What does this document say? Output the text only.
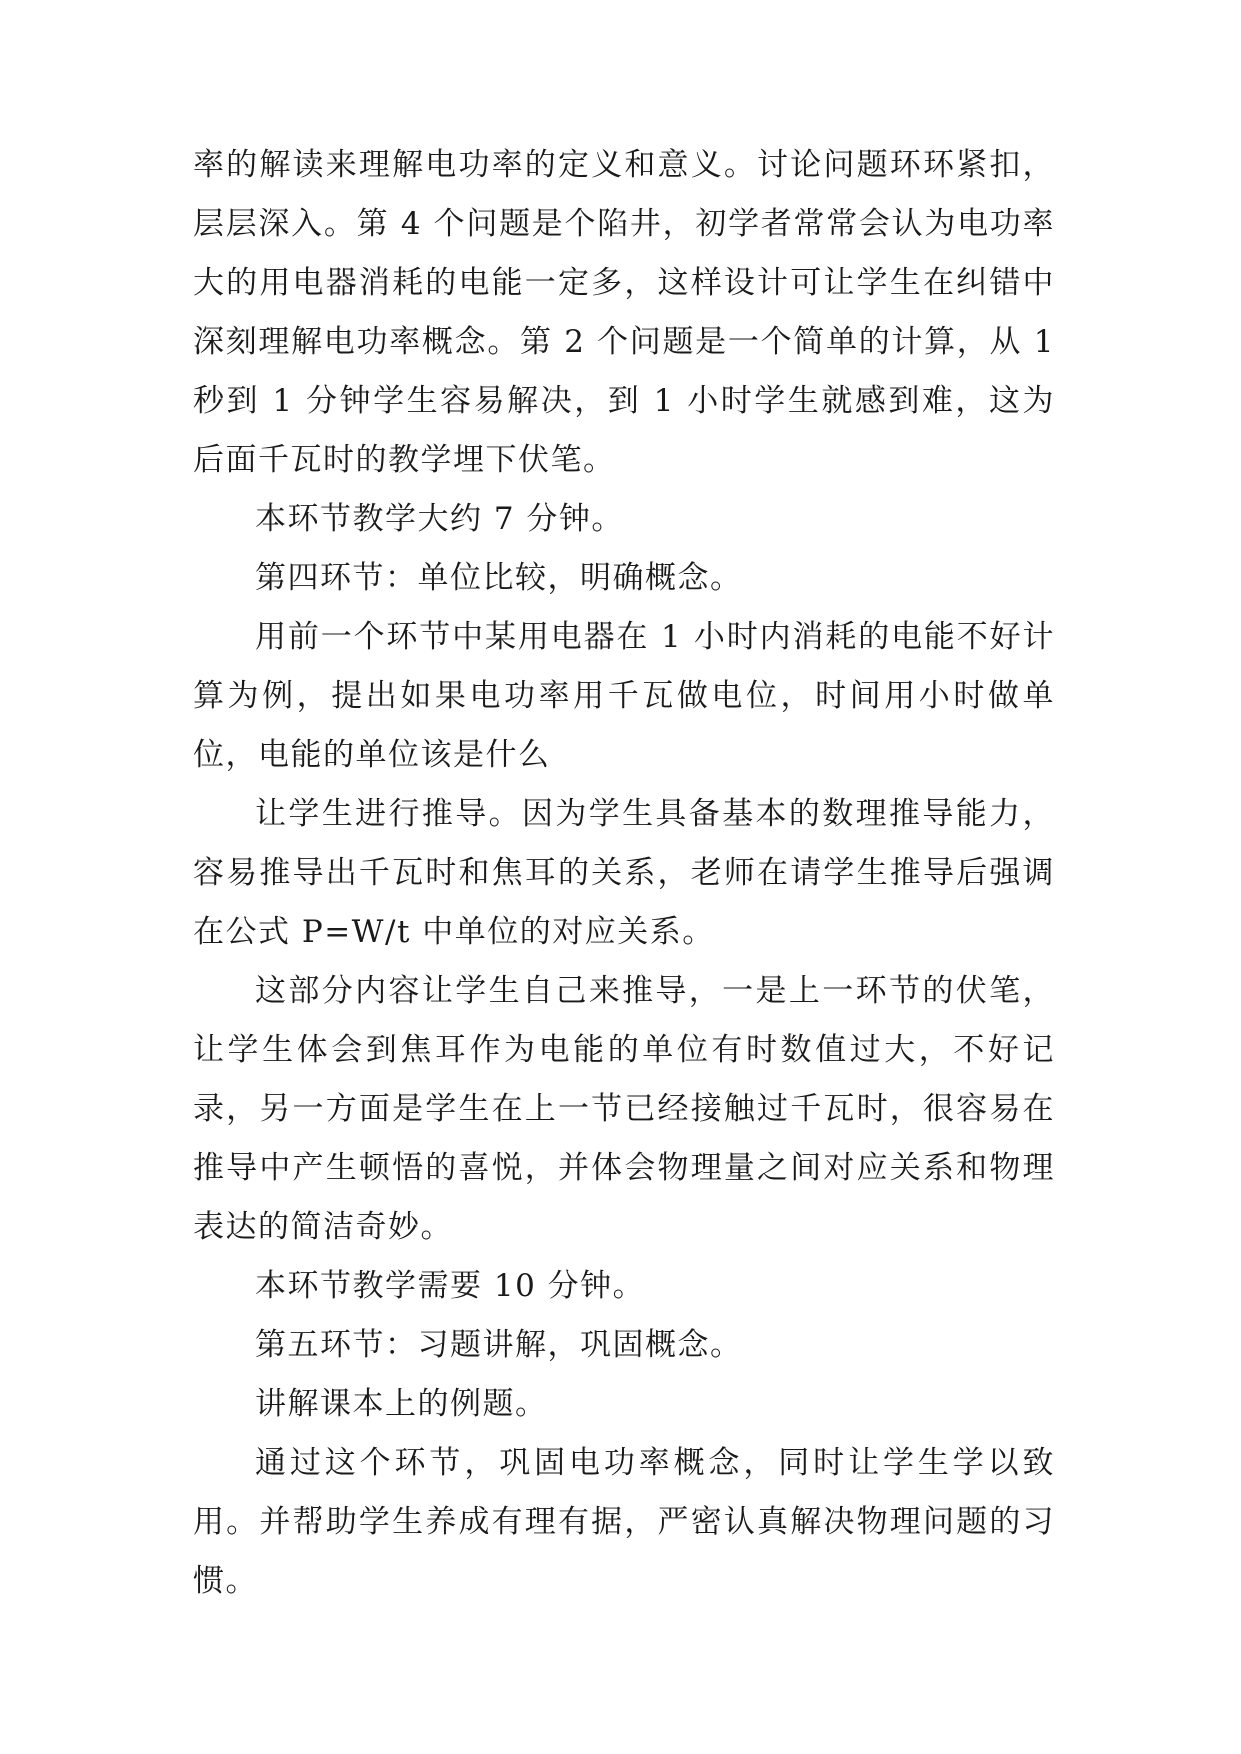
率的解读来理解电功率的定义和意义。讨论问题环环紧扣，层层深入。第 4 个问题是个陷井，初学者常常会认为电功率大的用电器消耗的电能一定多，这样设计可让学生在纠错中深刻理解电功率概念。第 2 个问题是一个简单的计算，从 1 秒到 1 分钟学生容易解决，到 1 小时学生就感到难，这为后面千瓦时的教学埋下伏笔。

本环节教学大约 7 分钟。

第四环节：单位比较，明确概念。

用前一个环节中某用电器在 1 小时内消耗的电能不好计算为例，提出如果电功率用千瓦做电位，时间用小时做单位，电能的单位该是什么

让学生进行推导。因为学生具备基本的数理推导能力，容易推导出千瓦时和焦耳的关系，老师在请学生推导后强调在公式 P=W/t 中单位的对应关系。

这部分内容让学生自己来推导，一是上一环节的伏笔，让学生体会到焦耳作为电能的单位有时数值过大，不好记录，另一方面是学生在上一节已经接触过千瓦时，很容易在推导中产生顿悟的喜悦，并体会物理量之间对应关系和物理表达的简洁奇妙。

本环节教学需要 10 分钟。

第五环节：习题讲解，巩固概念。

讲解课本上的例题。

通过这个环节，巩固电功率概念，同时让学生学以致用。并帮助学生养成有理有据，严密认真解决物理问题的习惯。
